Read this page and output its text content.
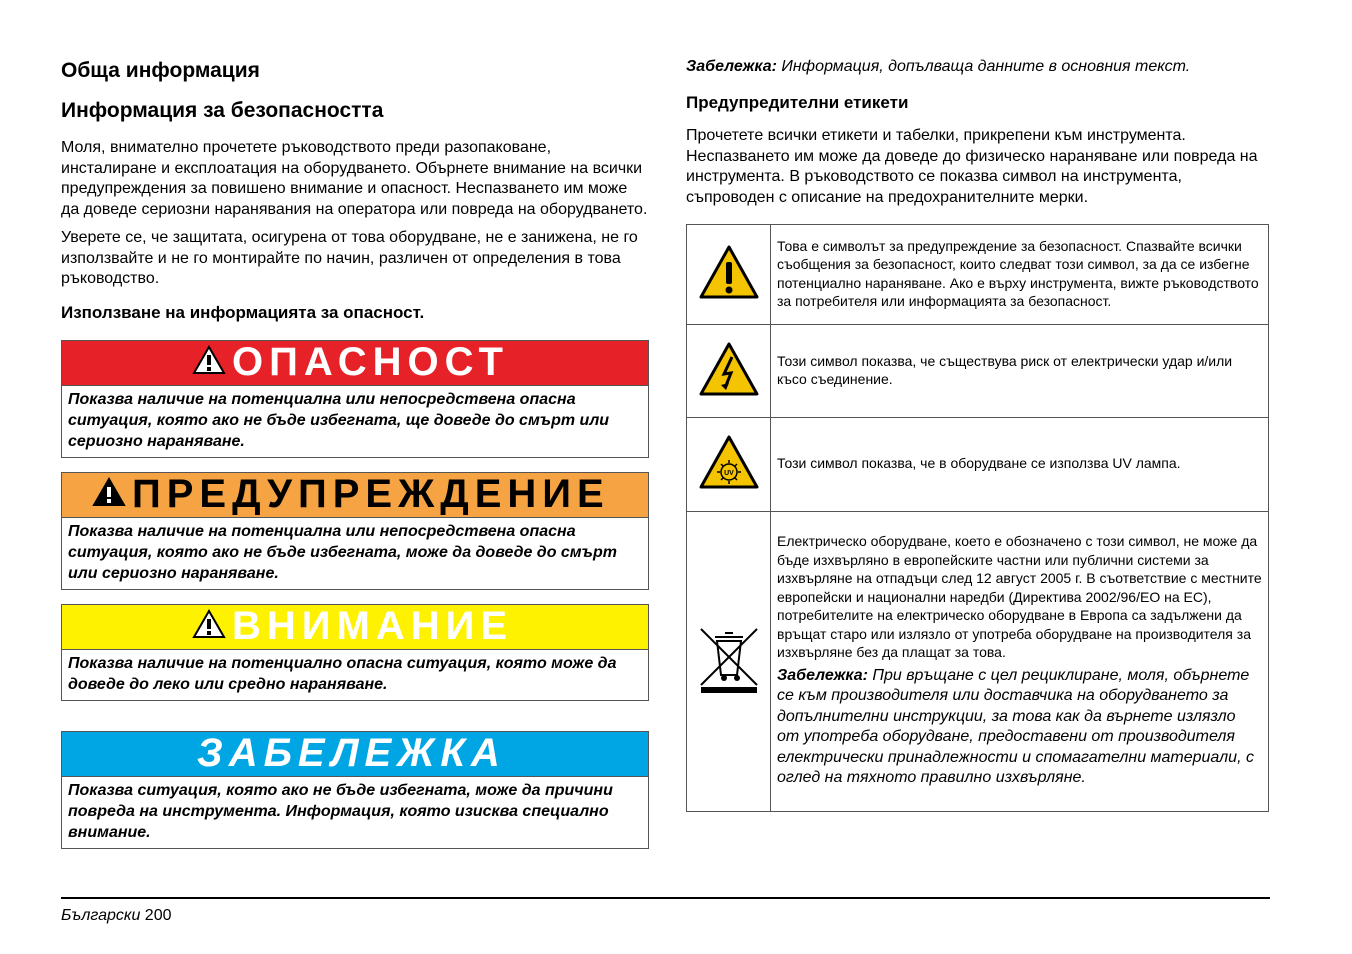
Обща информация
Информация за безопасността

Моля, внимателно прочетете ръководството преди разопаковане, инсталиране и експлоатация на оборудването. Обърнете внимание на всички предупреждения за повишено внимание и опасност. Неспазването им може да доведе сериозни наранявания на оператора или повреда на оборудването.

Уверете се, че защитата, осигурена от това оборудване, не е занижена, не го използвайте и не го монтирайте по начин, различен от определения в това ръководство.

Използване на информацията за опасност.
ОПАСНОСТ
Показва наличие на потенциална или непосредствена опасна ситуация, която ако не бъде избегната, ще доведе до смърт или сериозно нараняване.
ПРЕДУПРЕЖДЕНИЕ
Показва наличие на потенциална или непосредствена опасна ситуация, която ако не бъде избегната, може да доведе до смърт или сериозно нараняване.
ВНИМАНИЕ
Показва наличие на потенциално опасна ситуация, която може да доведе до леко или средно нараняване.
ЗАБЕЛЕЖКА
Показва ситуация, която ако не бъде избегната, може да причини повреда на инструмента. Информация, която изисква специално внимание.

Забележка: Информация, допълваща данните в основния текст.

Предупредителни етикети

Прочетете всички етикети и табелки, прикрепени към инструмента. Неспазването им може да доведе до физическо нараняване или повреда на инструмента. В ръководството се показва символ на инструмента, съпроводен с описание на предохранителните мерки.

	Това е символът за предупреждение за безопасност. Спазвайте всички съобщения за безопасност, които следват този символ, за да се избегне потенциално нараняване. Ако е върху инструмента, вижте ръководството за потребителя или информацията за безопасност.
	Този символ показва, че съществува риск от електрически удар и/или късо съединение.

UV	Този символ показва, че в оборудване се използва UV лампа.

Електрическо оборудване, което е обозначено с този символ, не може да бъде изхвърляно в европейските частни или публични системи за изхвърляне на отпадъци след 12 август 2005 г. В съответствие с местните европейски и национални наредби (Директива 2002/96/ЕО на ЕС), потребителите на електрическо оборудване в Европа са задължени да връщат старо или излязло от употреба оборудване на производителя за изхвърляне без да плащат за това.
Забележка: При връщане с цел рециклиране, моля, обърнете се към производителя или доставчика на оборудването за допълнителни инструкции, за това как да върнете излязло от употреба оборудване, предоставени от производителя електрически принадлежности и спомагателни материали, с оглед на тяхното правилно изхвърляне.
Български 200
